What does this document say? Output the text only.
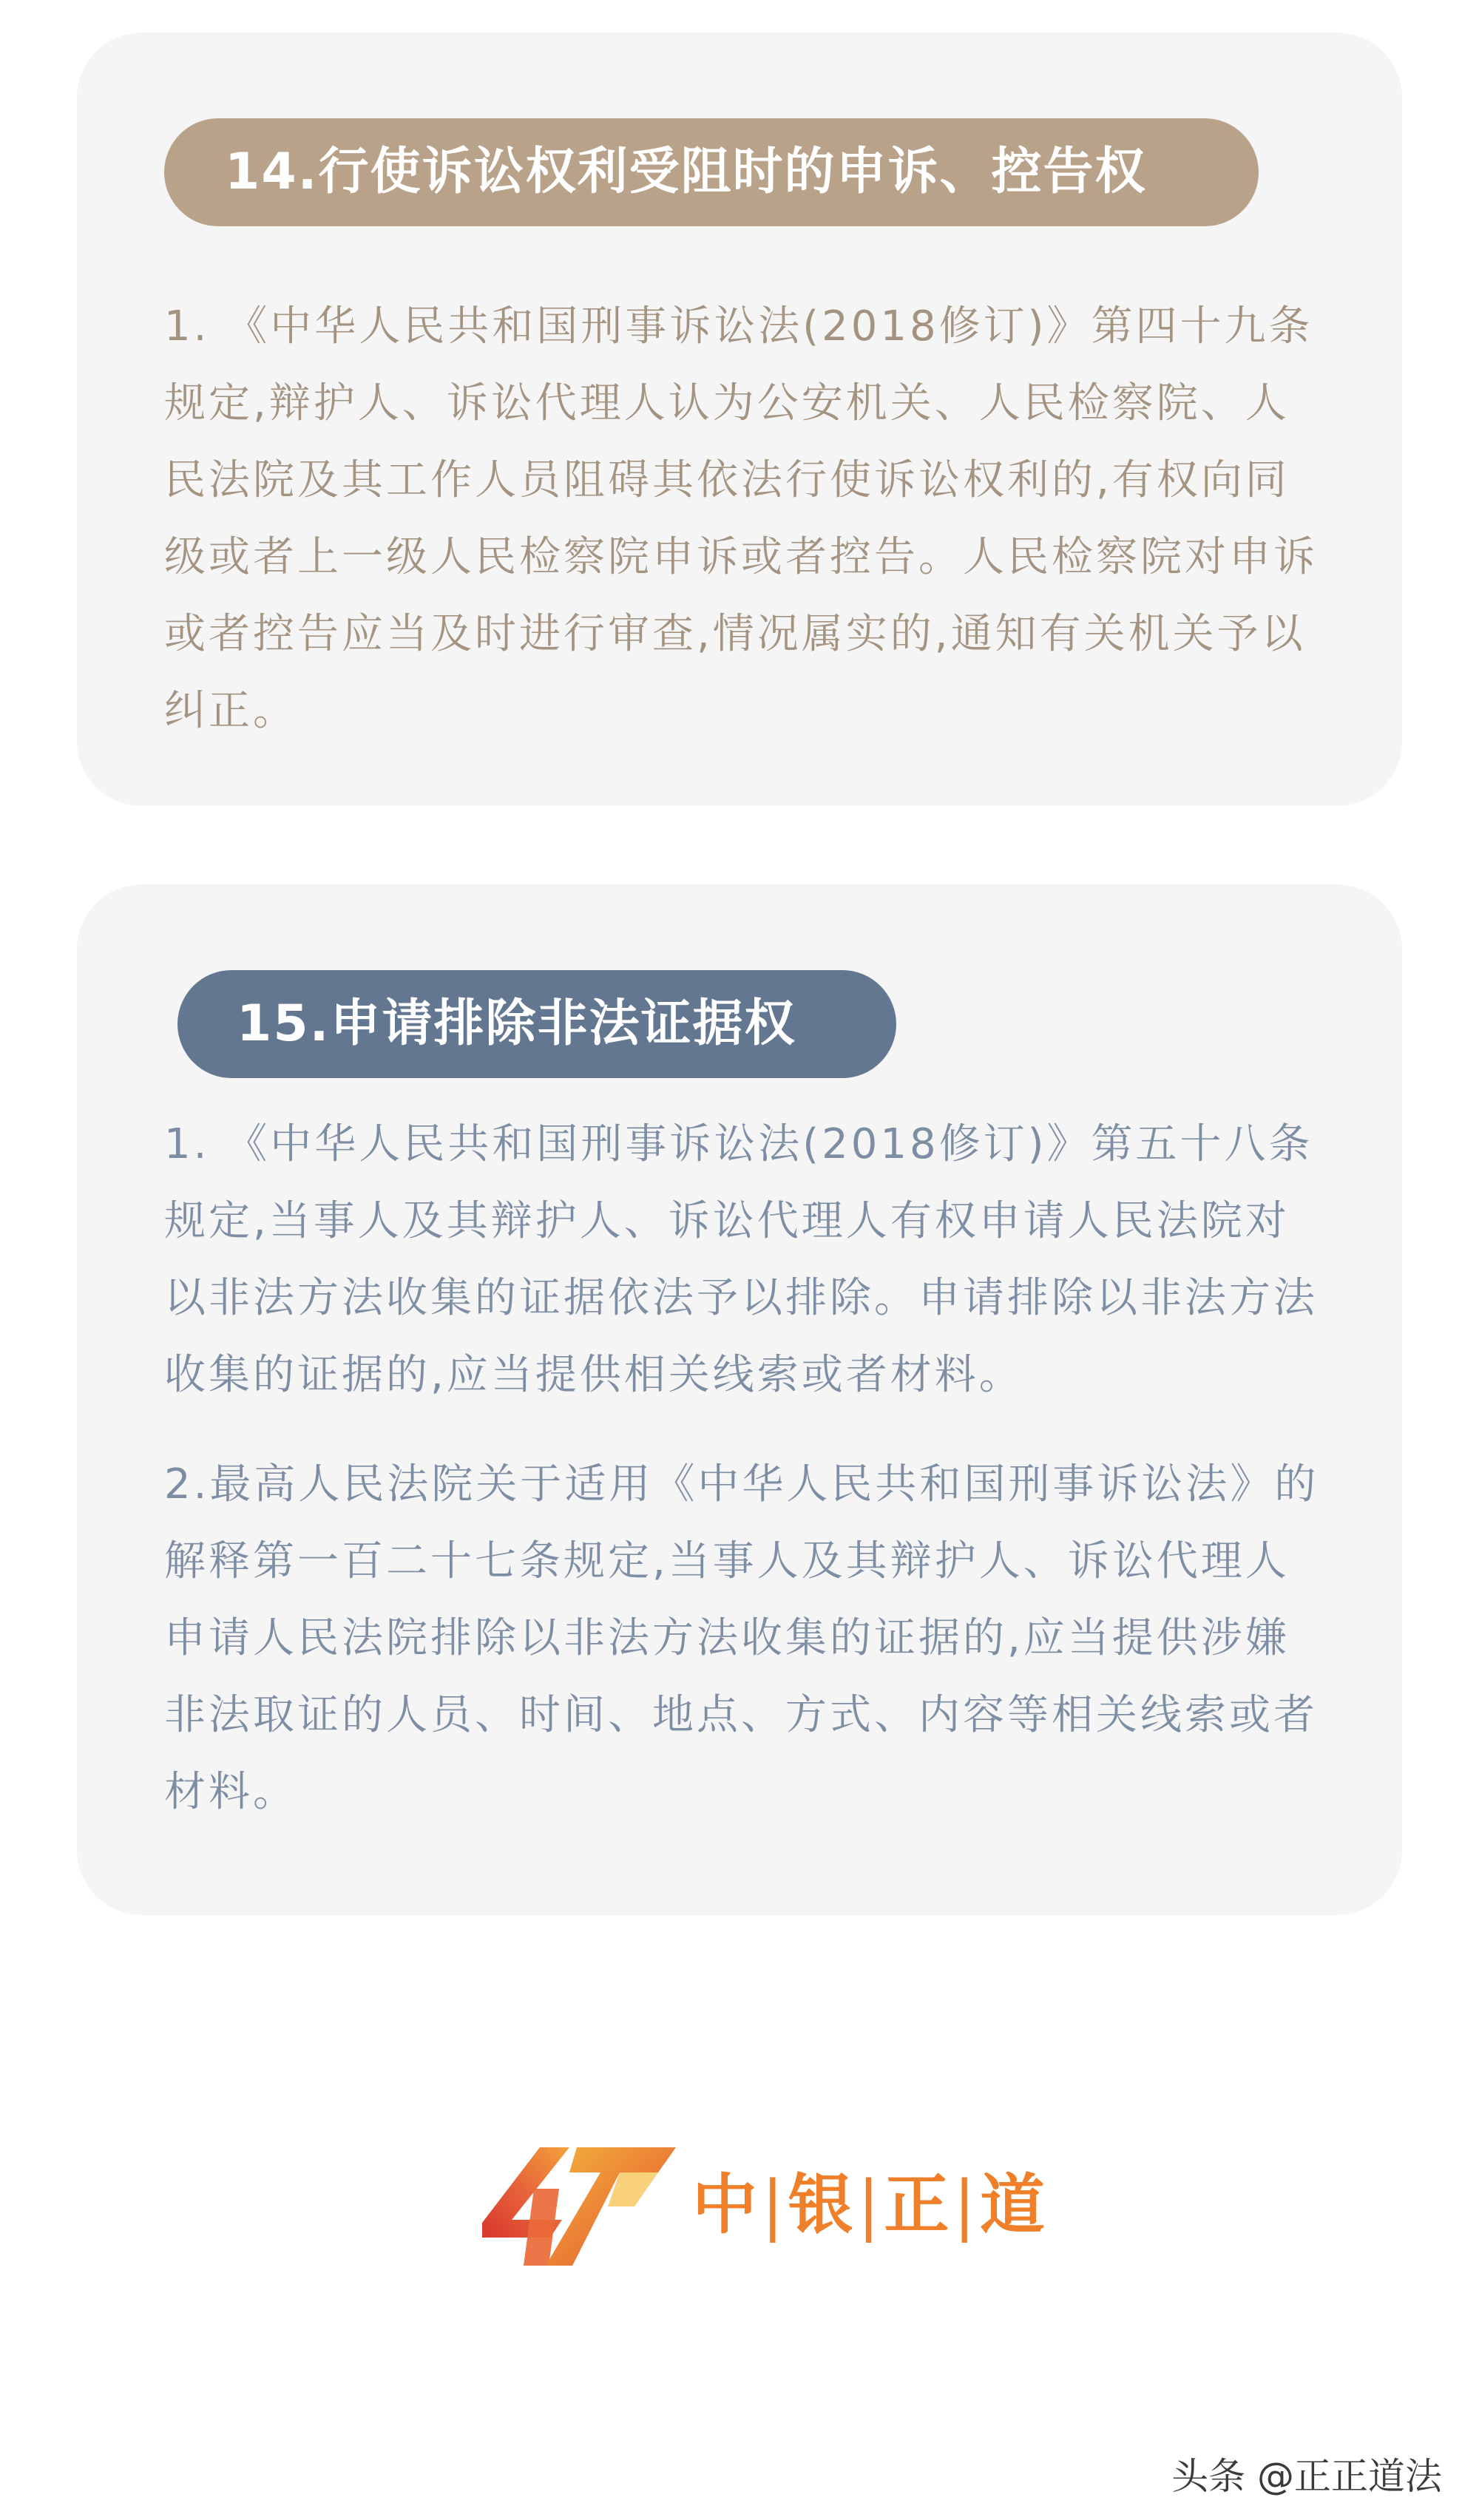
14.行使诉讼权利受阻时的申诉、控告权

1. 《中华人民共和国刑事诉讼法(2018修订)》第四十九条规定,辩护人、诉讼代理人认为公安机关、人民检察院、人民法院及其工作人员阻碍其依法行使诉讼权利的,有权向同级或者上一级人民检察院申诉或者控告。人民检察院对申诉或者控告应当及时进行审查,情况属实的,通知有关机关予以纠正。

15.申请排除非法证据权

1. 《中华人民共和国刑事诉讼法(2018修订)》第五十八条规定,当事人及其辩护人、诉讼代理人有权申请人民法院对以非法方法收集的证据依法予以排除。申请排除以非法方法收集的证据的,应当提供相关线索或者材料。

2.最高人民法院关于适用《中华人民共和国刑事诉讼法》的解释第一百二十七条规定,当事人及其辩护人、诉讼代理人申请人民法院排除以非法方法收集的证据的,应当提供涉嫌非法取证的人员、时间、地点、方式、内容等相关线索或者材料。

中|银|正|道
头条 @正正道法
